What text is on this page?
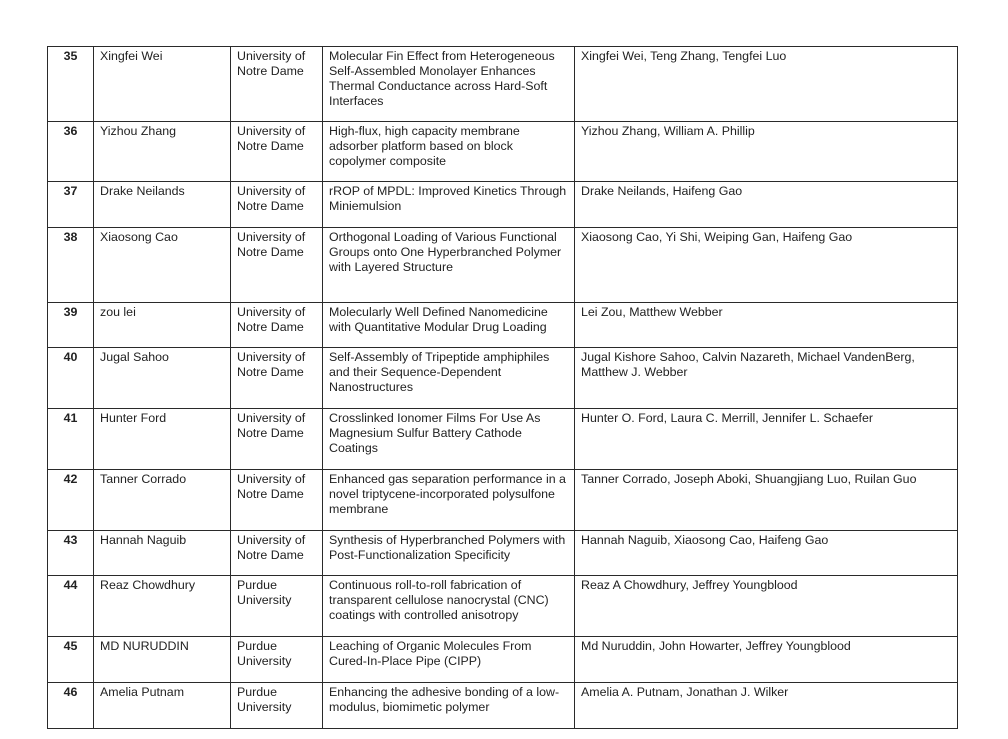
35	Xingfei Wei	University of Notre Dame	Molecular Fin Effect from Heterogeneous Self-Assembled Monolayer Enhances Thermal Conductance across Hard-Soft Interfaces	Xingfei Wei, Teng Zhang, Tengfei Luo
36	Yizhou Zhang	University of Notre Dame	High-flux, high capacity membrane adsorber platform based on block copolymer composite	Yizhou Zhang, William A. Phillip
37	Drake Neilands	University of Notre Dame	rROP of MPDL: Improved Kinetics Through Miniemulsion	Drake Neilands, Haifeng Gao
38	Xiaosong Cao	University of Notre Dame	Orthogonal Loading of Various Functional Groups onto One Hyperbranched Polymer with Layered Structure	Xiaosong Cao, Yi Shi, Weiping Gan, Haifeng Gao
39	zou lei	University of Notre Dame	Molecularly Well Defined Nanomedicine with Quantitative Modular Drug Loading	Lei Zou, Matthew Webber
40	Jugal Sahoo	University of Notre Dame	Self-Assembly of Tripeptide amphiphiles and their Sequence-Dependent Nanostructures	Jugal Kishore Sahoo, Calvin Nazareth, Michael VandenBerg, Matthew J. Webber
41	Hunter Ford	University of Notre Dame	Crosslinked Ionomer Films For Use As Magnesium Sulfur Battery Cathode Coatings	Hunter O. Ford, Laura C. Merrill, Jennifer L. Schaefer
42	Tanner Corrado	University of Notre Dame	Enhanced gas separation performance in a novel triptycene-incorporated polysulfone membrane	Tanner Corrado, Joseph Aboki, Shuangjiang Luo, Ruilan Guo
43	Hannah Naguib	University of Notre Dame	Synthesis of Hyperbranched Polymers with Post-Functionalization Specificity	Hannah Naguib, Xiaosong Cao, Haifeng Gao
44	Reaz Chowdhury	Purdue University	Continuous roll-to-roll fabrication of transparent cellulose nanocrystal (CNC) coatings with controlled anisotropy	Reaz A Chowdhury, Jeffrey Youngblood
45	MD NURUDDIN	Purdue University	Leaching of Organic Molecules From Cured-In-Place Pipe (CIPP)	Md Nuruddin, John Howarter, Jeffrey Youngblood
46	Amelia Putnam	Purdue University	Enhancing the adhesive bonding of a low-modulus, biomimetic polymer	Amelia A. Putnam, Jonathan J. Wilker
